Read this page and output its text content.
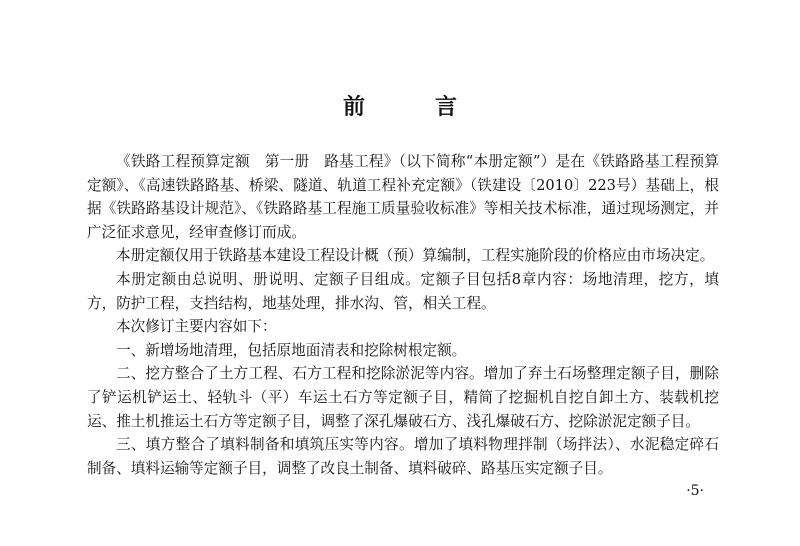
前　言

《铁路工程预算定额　第一册　路基工程》（以下简称“本册定额”）是在《铁路路基工程预算定额》、《高速铁路路基、桥梁、隧道、轨道工程补充定额》（铁建设〔2010〕223号）基础上，根据《铁路路基设计规范》、《铁路路基工程施工质量验收标准》等相关技术标准，通过现场测定，并广泛征求意见，经审查修订而成。

本册定额仅用于铁路基本建设工程设计概（预）算编制，工程实施阶段的价格应由市场决定。

本册定额由总说明、册说明、定额子目组成。定额子目包括8章内容：场地清理，挖方，填方，防护工程，支挡结构，地基处理，排水沟、管，相关工程。

本次修订主要内容如下：

一、新增场地清理，包括原地面清表和挖除树根定额。

二、挖方整合了土方工程、石方工程和挖除淤泥等内容。增加了弃土石场整理定额子目，删除了铲运机铲运土、轻轨斗（平）车运土石方等定额子目，精简了挖掘机自挖自卸土方、装载机挖运、推土机推运土石方等定额子目，调整了深孔爆破石方、浅孔爆破石方、挖除淤泥定额子目。

三、填方整合了填料制备和填筑压实等内容。增加了填料物理拌制（场拌法）、水泥稳定碎石制备、填料运输等定额子目，调整了改良土制备、填料破碎、路基压实定额子目。

·5·
